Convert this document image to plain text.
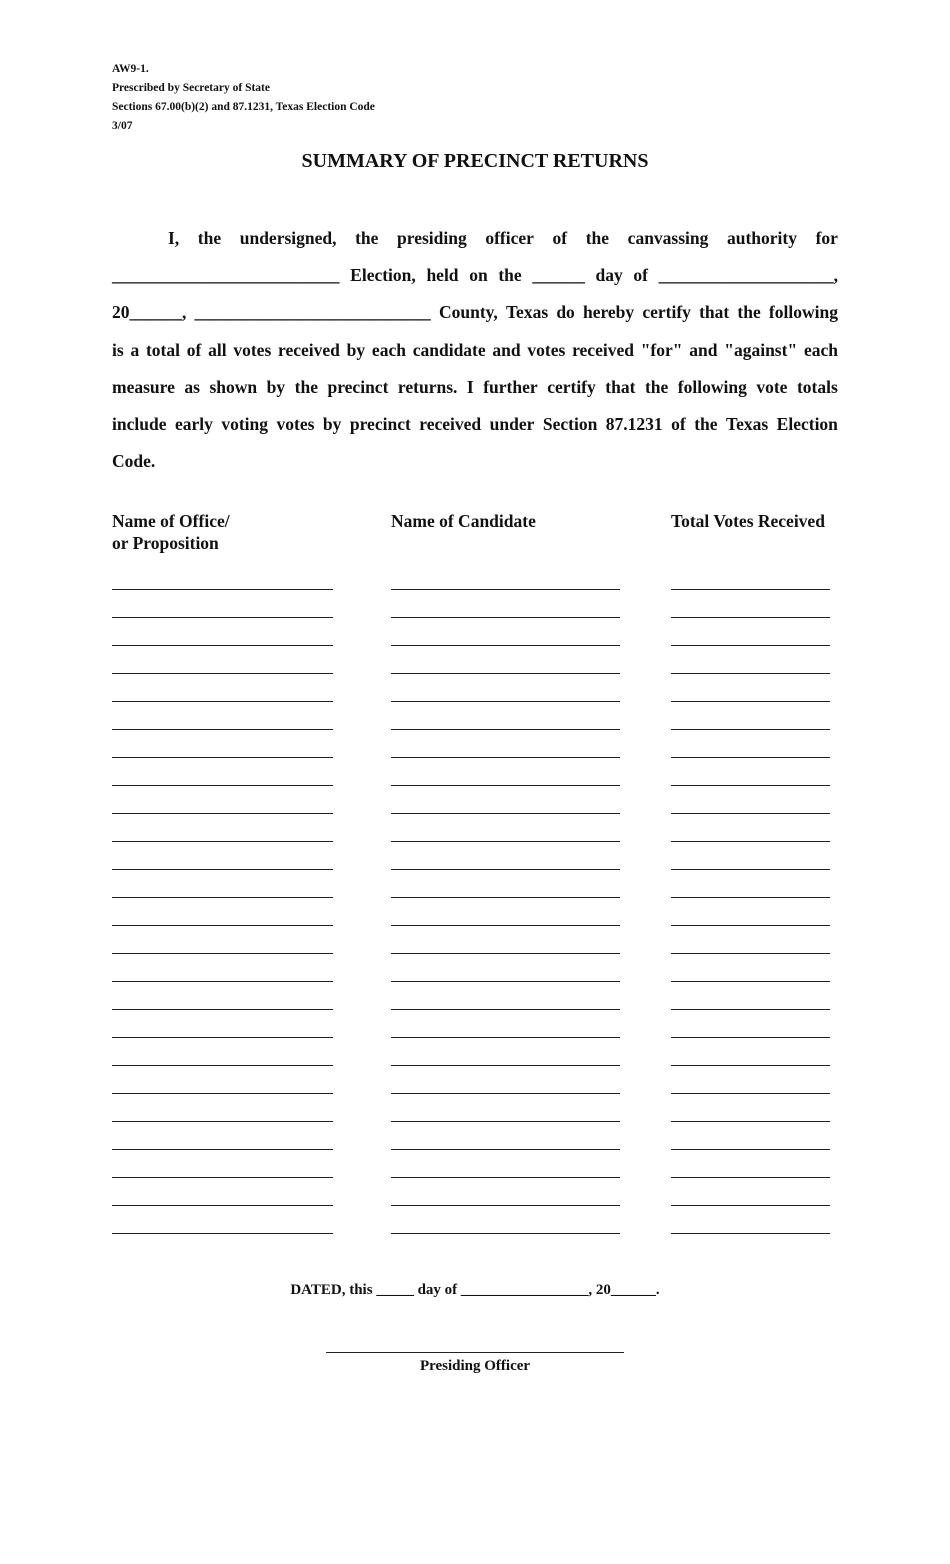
AW9-1.
Prescribed by Secretary of State
Sections 67.00(b)(2) and 87.1231, Texas Election Code
3/07
SUMMARY OF PRECINCT RETURNS
I, the undersigned, the presiding officer of the canvassing authority for
__________________________ Election, held on the ______ day of ____________________,
20______, ___________________________ County, Texas do hereby certify that the following
is a total of all votes received by each candidate and votes received "for" and "against" each
measure as shown by the precinct returns. I further certify that the following vote totals
include early voting votes by precinct received under Section 87.1231 of the Texas Election
Code.
Name of Office/
or Proposition
Name of Candidate	Total Votes Received
DATED, this _____ day of _________________, 20______.
Presiding Officer
